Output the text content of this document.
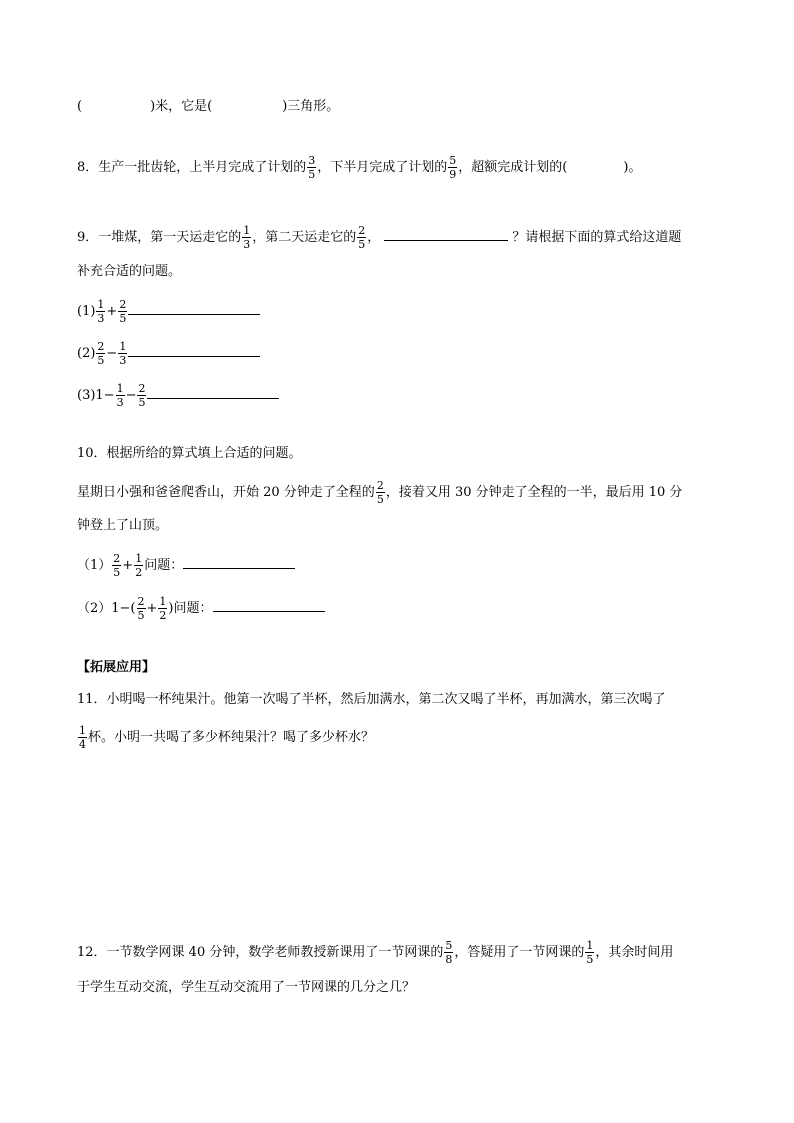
(	)米，它是(	)三角形。
8．生产一批齿轮，上半月完成了计划的 $\frac{3}{5}$ ，下半月完成了计划的 $\frac{5}{9}$ ，超额完成计划的(	)。
9．一堆煤，第一天运走它的 $\frac{1}{3}$ ，第二天运走它的 $\frac{2}{5}$ ，	？请根据下面的算式给这道题
补充合适的问题。
$(1) \frac{1}{3} + \frac{2}{5}$
$(2) \frac{2}{5} - \frac{1}{3}$
$(3)1- \frac{1}{3} - \frac{2}{5}$
10．根据所给的算式填上合适的问题。
星期日小强和爸爸爬香山，开始 20 分钟走了全程的 $\frac{2}{5}$ ，接着又用 30 分钟走了全程的一半，最后用 10 分
钟登上了山顶。
$(1) \frac{2}{5} + \frac{1}{2}$ 问题：
$(2)1-( \frac{2}{5} + \frac{1}{2}$ )问题：
【拓展应用】
11．小明喝一杯纯果汁。他第一次喝了半杯，然后加满水，第二次又喝了半杯，再加满水，第三次喝了
$\frac{1}{4}$ 杯。小明一共喝了多少杯纯果汁？喝了多少杯水？
12．一节数学网课 40 分钟，数学老师教授新课用了一节网课的 $\frac{5}{8}$ ，答疑用了一节网课的 $\frac{1}{5}$ ，其余时间用
于学生互动交流，学生互动交流用了一节网课的几分之几？
